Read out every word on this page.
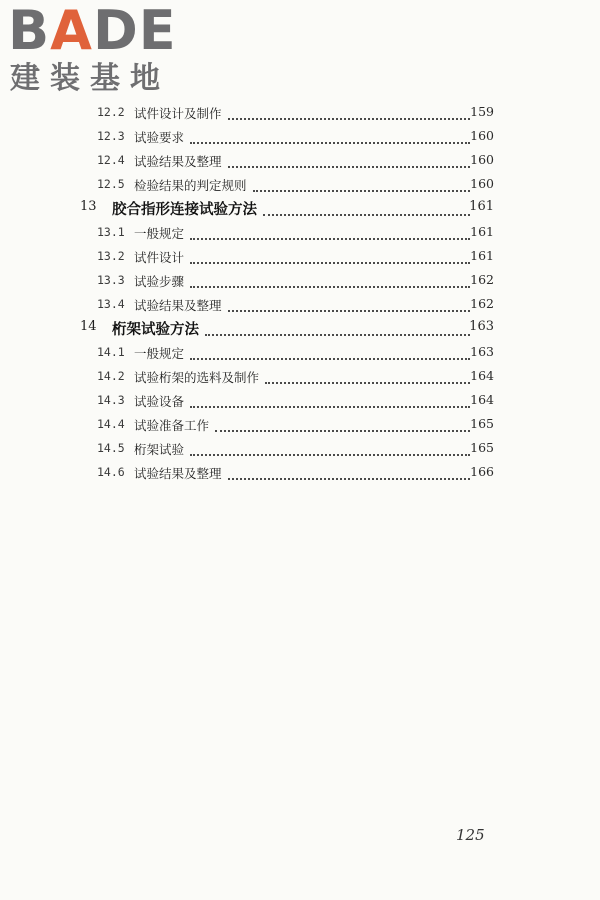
BADE
建装基地
12.2 试件设计及制作	159
12.3 试验要求	160
12.4 试验结果及整理	160
12.5 检验结果的判定规则	160
13 胶合指形连接试验方法	161
13.1 一般规定	161
13.2 试件设计	161
13.3 试验步骤	162
13.4 试验结果及整理	162
14 桁架试验方法	163
14.1 一般规定	163
14.2 试验桁架的选料及制作	164
14.3 试验设备	164
14.4 试验准备工作	165
14.5 桁架试验	165
14.6 试验结果及整理	166
125
